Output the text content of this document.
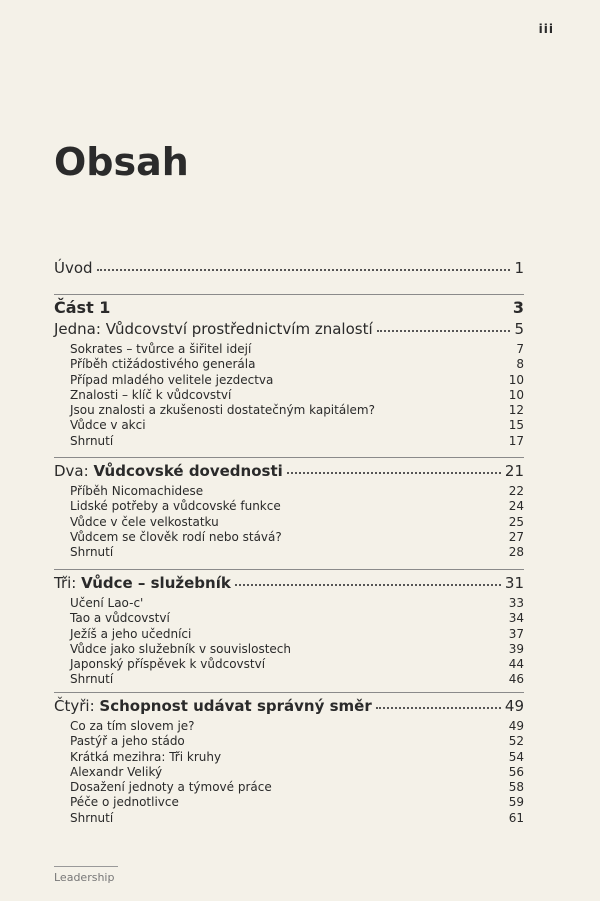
iii
Obsah
Úvod	1
Část 1	3
Jedna: Vůdcovství prostřednictvím znalostí	5
Sokrates – tvůrce a šiřitel idejí	7
Příběh ctižádostivého generála	8
Případ mladého velitele jezdectva	10
Znalosti – klíč k vůdcovství	10
Jsou znalosti a zkušenosti dostatečným kapitálem?	12
Vůdce v akci	15
Shrnutí	17
Dva: Vůdcovské dovednosti	21
Příběh Nicomachidese	22
Lidské potřeby a vůdcovské funkce	24
Vůdce v čele velkostatku	25
Vůdcem se člověk rodí nebo stává?	27
Shrnutí	28
Tři: Vůdce – služebník	31
Učení Lao-c'	33
Tao a vůdcovství	34
Ježíš a jeho učedníci	37
Vůdce jako služebník v souvislostech	39
Japonský příspěvek k vůdcovství	44
Shrnutí	46
Čtyři: Schopnost udávat správný směr	49
Co za tím slovem je?	49
Pastýř a jeho stádo	52
Krátká mezihra: Tři kruhy	54
Alexandr Veliký	56
Dosažení jednoty a týmové práce	58
Péče o jednotlivce	59
Shrnutí	61
Leadership
